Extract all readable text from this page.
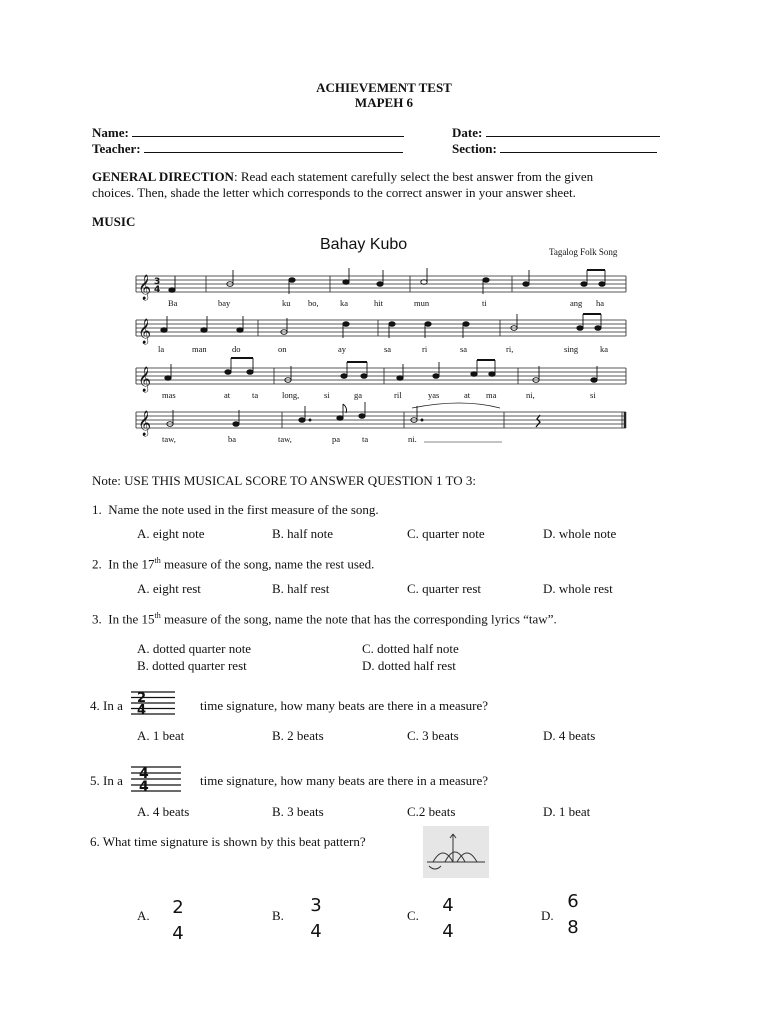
ACHIEVEMENT TEST
MAPEH 6
Name:	Date:
Teacher:	Section:
GENERAL DIRECTION: Read each statement carefully select the best answer from the given
choices. Then, shade the letter which corresponds to the correct answer in your answer sheet.
MUSIC
Bahay Kubo	Tagalog Folk Song
𝄞
𝄞
𝄞
𝄞
3
4
Ba	bay	ku bo,	ka	hit	mun	ti	ang ha
la	man	do	on	ay	sa	ri	sa	ri,	sing	ka
mas	at	ta	long,	si	ga	ril	yas	at ma	ni,	si
taw,	ba	taw,	pa	ta	ni.
Note: USE THIS MUSICAL SCORE TO ANSWER QUESTION 1 TO 3:
1. Name the note used in the first measure of the song.
A. eight note	B. half note	C. quarter note	D. whole note
2. In the 17th measure of the song, name the rest used.
A. eight rest	B. half rest	C. quarter rest	D. whole rest
3. In the 15th measure of the song, name the note that has the corresponding lyrics “taw”.
A. dotted quarter note	C. dotted half note
B. dotted quarter rest	D. dotted half rest
4. In a 2
4	time signature, how many beats are there in a measure?
A. 1 beat	B. 2 beats	C. 3 beats	D. 4 beats
5. In a 4
4	time signature, how many beats are there in a measure?
A. 4 beats	B. 3 beats	C.2 beats	D. 1 beat
6. What time signature is shown by this beat pattern?
A. 2
4
B. 3
4
C. 4
4
D.
6
8
